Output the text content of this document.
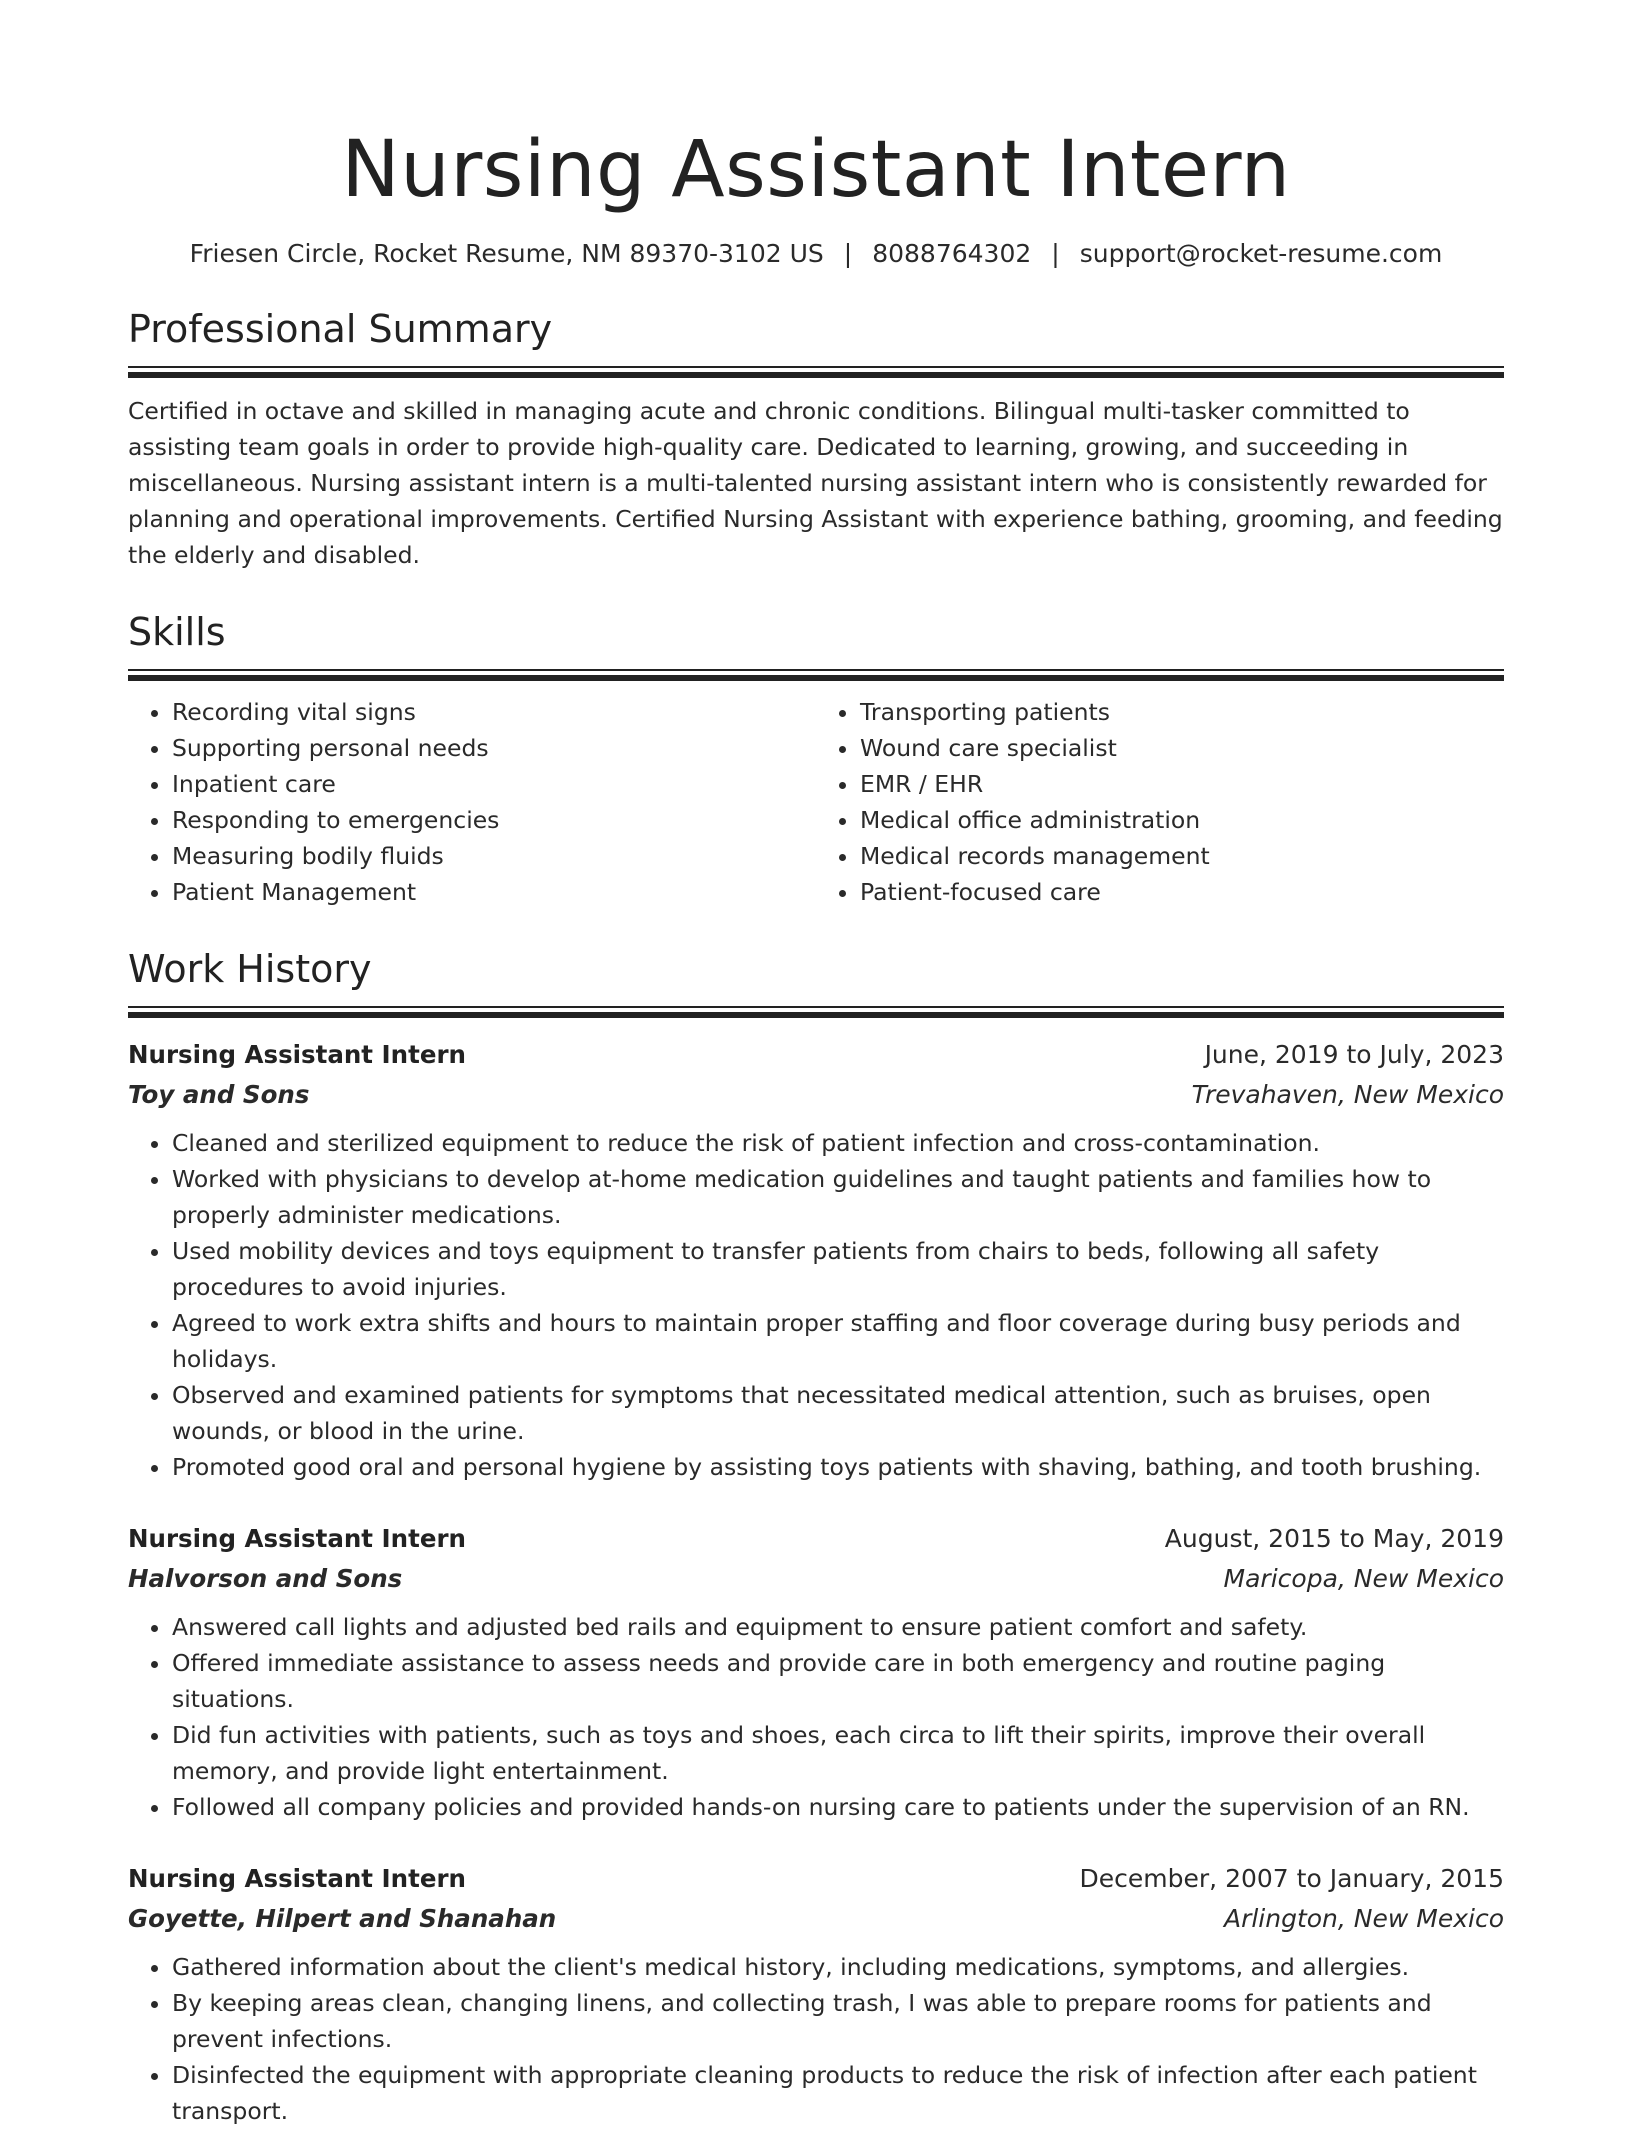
Nursing Assistant Intern
Friesen Circle, Rocket Resume, NM 89370-3102 US | 8088764302 | support@rocket-resume.com
Professional Summary

Certified in octave and skilled in managing acute and chronic conditions. Bilingual multi-tasker committed to assisting team goals in order to provide high-quality care. Dedicated to learning, growing, and succeeding in miscellaneous. Nursing assistant intern is a multi-talented nursing assistant intern who is consistently rewarded for planning and operational improvements. Certified Nursing Assistant with experience bathing, grooming, and feeding the elderly and disabled.

Skills
• Recording vital signs
• Supporting personal needs
• Inpatient care
• Responding to emergencies
• Measuring bodily fluids
• Patient Management
• Transporting patients
• Wound care specialist
• EMR / EHR
• Medical office administration
• Medical records management
• Patient-focused care
Work History
Nursing Assistant Intern	June, 2019 to July, 2023
Toy and Sons	Trevahaven, New Mexico
• Cleaned and sterilized equipment to reduce the risk of patient infection and cross-contamination.
• Worked with physicians to develop at-home medication guidelines and taught patients and families how to properly administer medications.
• Used mobility devices and toys equipment to transfer patients from chairs to beds, following all safety procedures to avoid injuries.
• Agreed to work extra shifts and hours to maintain proper staffing and floor coverage during busy periods and holidays.
• Observed and examined patients for symptoms that necessitated medical attention, such as bruises, open wounds, or blood in the urine.
• Promoted good oral and personal hygiene by assisting toys patients with shaving, bathing, and tooth brushing.
Nursing Assistant Intern	August, 2015 to May, 2019
Halvorson and Sons	Maricopa, New Mexico
• Answered call lights and adjusted bed rails and equipment to ensure patient comfort and safety.
• Offered immediate assistance to assess needs and provide care in both emergency and routine paging situations.
• Did fun activities with patients, such as toys and shoes, each circa to lift their spirits, improve their overall memory, and provide light entertainment.
• Followed all company policies and provided hands-on nursing care to patients under the supervision of an RN.
Nursing Assistant Intern	December, 2007 to January, 2015
Goyette, Hilpert and Shanahan	Arlington, New Mexico
• Gathered information about the client's medical history, including medications, symptoms, and allergies.
• By keeping areas clean, changing linens, and collecting trash, I was able to prepare rooms for patients and prevent infections.
• Disinfected the equipment with appropriate cleaning products to reduce the risk of infection after each patient transport.
